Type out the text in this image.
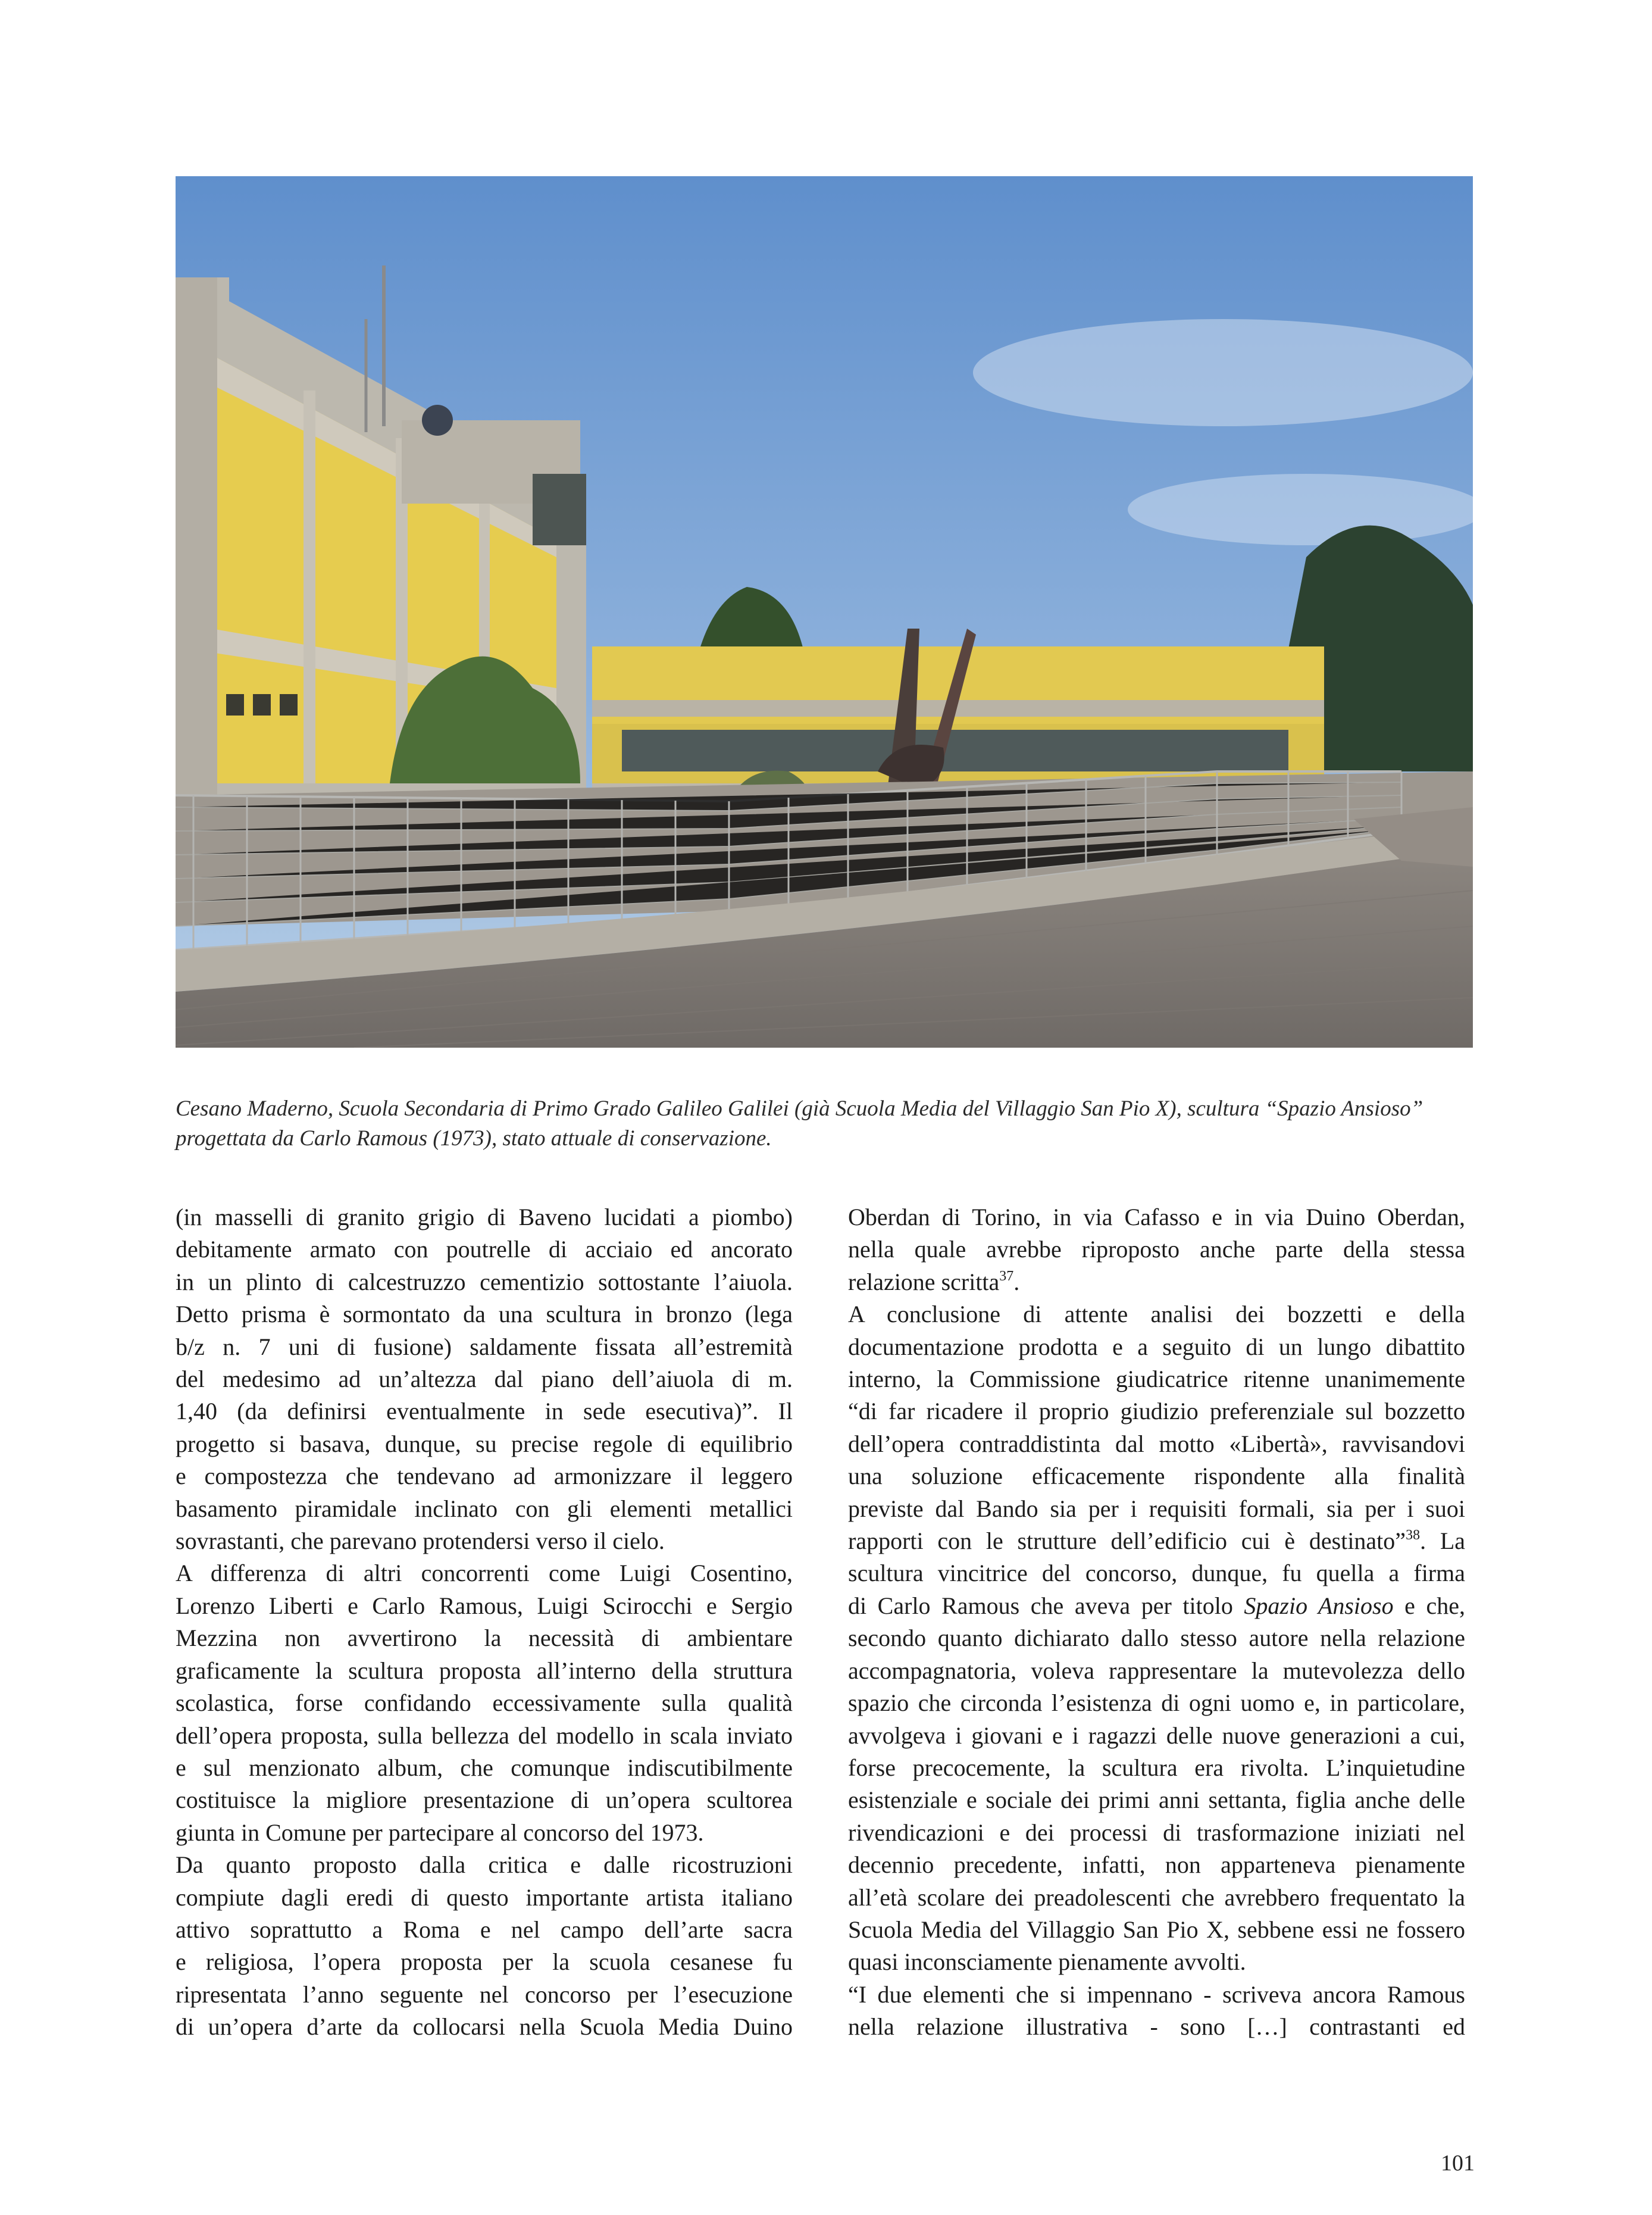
Cesano Maderno, Scuola Secondaria di Primo Grado Galileo Galilei (già Scuola Media del Villaggio San Pio X), scultura “Spazio Ansioso”

progettata da Carlo Ramous (1973), stato attuale di conservazione.

(in masselli di granito grigio di Baveno lucidati a piombo)
debitamente armato con poutrelle di acciaio ed ancorato
in un plinto di calcestruzzo cementizio sottostante l’aiuola.
Detto prisma è sormontato da una scultura in bronzo (lega
b/z n. 7 uni di fusione) saldamente fissata all’estremità
del medesimo ad un’altezza dal piano dell’aiuola di m.
1,40 (da definirsi eventualmente in sede esecutiva)”. Il
progetto si basava, dunque, su precise regole di equilibrio
e compostezza che tendevano ad armonizzare il leggero
basamento piramidale inclinato con gli elementi metallici
sovrastanti, che parevano protendersi verso il cielo.

A differenza di altri concorrenti come Luigi Cosentino,
Lorenzo Liberti e Carlo Ramous, Luigi Scirocchi e Sergio
Mezzina non avvertirono la necessità di ambientare
graficamente la scultura proposta all’interno della struttura
scolastica, forse confidando eccessivamente sulla qualità
dell’opera proposta, sulla bellezza del modello in scala inviato
e sul menzionato album, che comunque indiscutibilmente
costituisce la migliore presentazione di un’opera scultorea
giunta in Comune per partecipare al concorso del 1973.

Da quanto proposto dalla critica e dalle ricostruzioni
compiute dagli eredi di questo importante artista italiano
attivo soprattutto a Roma e nel campo dell’arte sacra
e religiosa, l’opera proposta per la scuola cesanese fu
ripresentata l’anno seguente nel concorso per l’esecuzione
di un’opera d’arte da collocarsi nella Scuola Media Duino

Oberdan di Torino, in via Cafasso e in via Duino Oberdan,
nella quale avrebbe riproposto anche parte della stessa
relazione scritta$^{37}$.

A conclusione di attente analisi dei bozzetti e della
documentazione prodotta e a seguito di un lungo dibattito
interno, la Commissione giudicatrice ritenne unanimemente
“di far ricadere il proprio giudizio preferenziale sul bozzetto
dell’opera contraddistinta dal motto «Libertà», ravvisandovi
una soluzione efficacemente rispondente alla finalità
previste dal Bando sia per i requisiti formali, sia per i suoi
rapporti con le strutture dell’edificio cui è destinato”$^{38}$. La
scultura vincitrice del concorso, dunque, fu quella a firma
di Carlo Ramous che aveva per titolo Spazio Ansioso e che,
secondo quanto dichiarato dallo stesso autore nella relazione
accompagnatoria, voleva rappresentare la mutevolezza dello
spazio che circonda l’esistenza di ogni uomo e, in particolare,
avvolgeva i giovani e i ragazzi delle nuove generazioni a cui,
forse precocemente, la scultura era rivolta. L’inquietudine
esistenziale e sociale dei primi anni settanta, figlia anche delle
rivendicazioni e dei processi di trasformazione iniziati nel
decennio precedente, infatti, non apparteneva pienamente
all’età scolare dei preadolescenti che avrebbero frequentato la
Scuola Media del Villaggio San Pio X, sebbene essi ne fossero
quasi inconsciamente pienamente avvolti.

“I due elementi che si impennano - scriveva ancora Ramous
nella relazione illustrativa - sono […] contrastanti ed

101
